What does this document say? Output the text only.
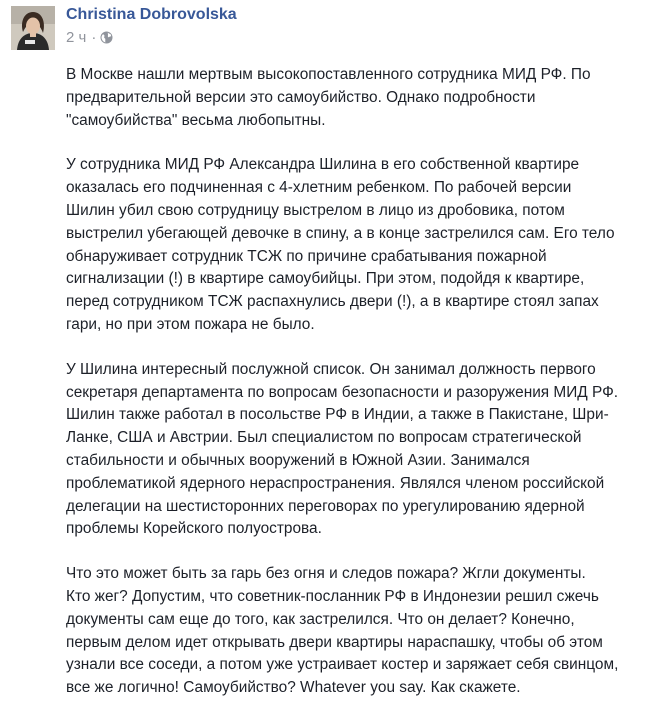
Christina Dobrovolska
2 ч ·

В Москве нашли мертвым высокопоставленного сотрудника МИД РФ. По
предварительной версии это самоубийство. Однако подробности
"самоубийства" весьма любопытны.

У сотрудника МИД РФ Александра Шилина в его собственной квартире
оказалась его подчиненная с 4-хлетним ребенком. По рабочей версии
Шилин убил свою сотрудницу выстрелом в лицо из дробовика, потом
выстрелил убегающей девочке в спину, а в конце застрелился сам. Его тело
обнаруживает сотрудник ТСЖ по причине срабатывания пожарной
сигнализации (!) в квартире самоубийцы. При этом, подойдя к квартире,
перед сотрудником ТСЖ распахнулись двери (!), а в квартире стоял запах
гари, но при этом пожара не было.

У Шилина интересный послужной список. Он занимал должность первого
секретаря департамента по вопросам безопасности и разоружения МИД РФ.
Шилин также работал в посольстве РФ в Индии, а также в Пакистане, Шри-
Ланке, США и Австрии. Был специалистом по вопросам стратегической
стабильности и обычных вооружений в Южной Азии. Занимался
проблематикой ядерного нераспространения. Являлся членом российской
делегации на шестисторонних переговорах по урегулированию ядерной
проблемы Корейского полуострова.

Что это может быть за гарь без огня и следов пожара? Жгли документы.
Кто жег? Допустим, что советник-посланник РФ в Индонезии решил сжечь
документы сам еще до того, как застрелился. Что он делает? Конечно,
первым делом идет открывать двери квартиры нараспашку, чтобы об этом
узнали все соседи, а потом уже устраивает костер и заряжает себя свинцом,
все же логично! Самоубийство? Whatever you say. Как скажете.
